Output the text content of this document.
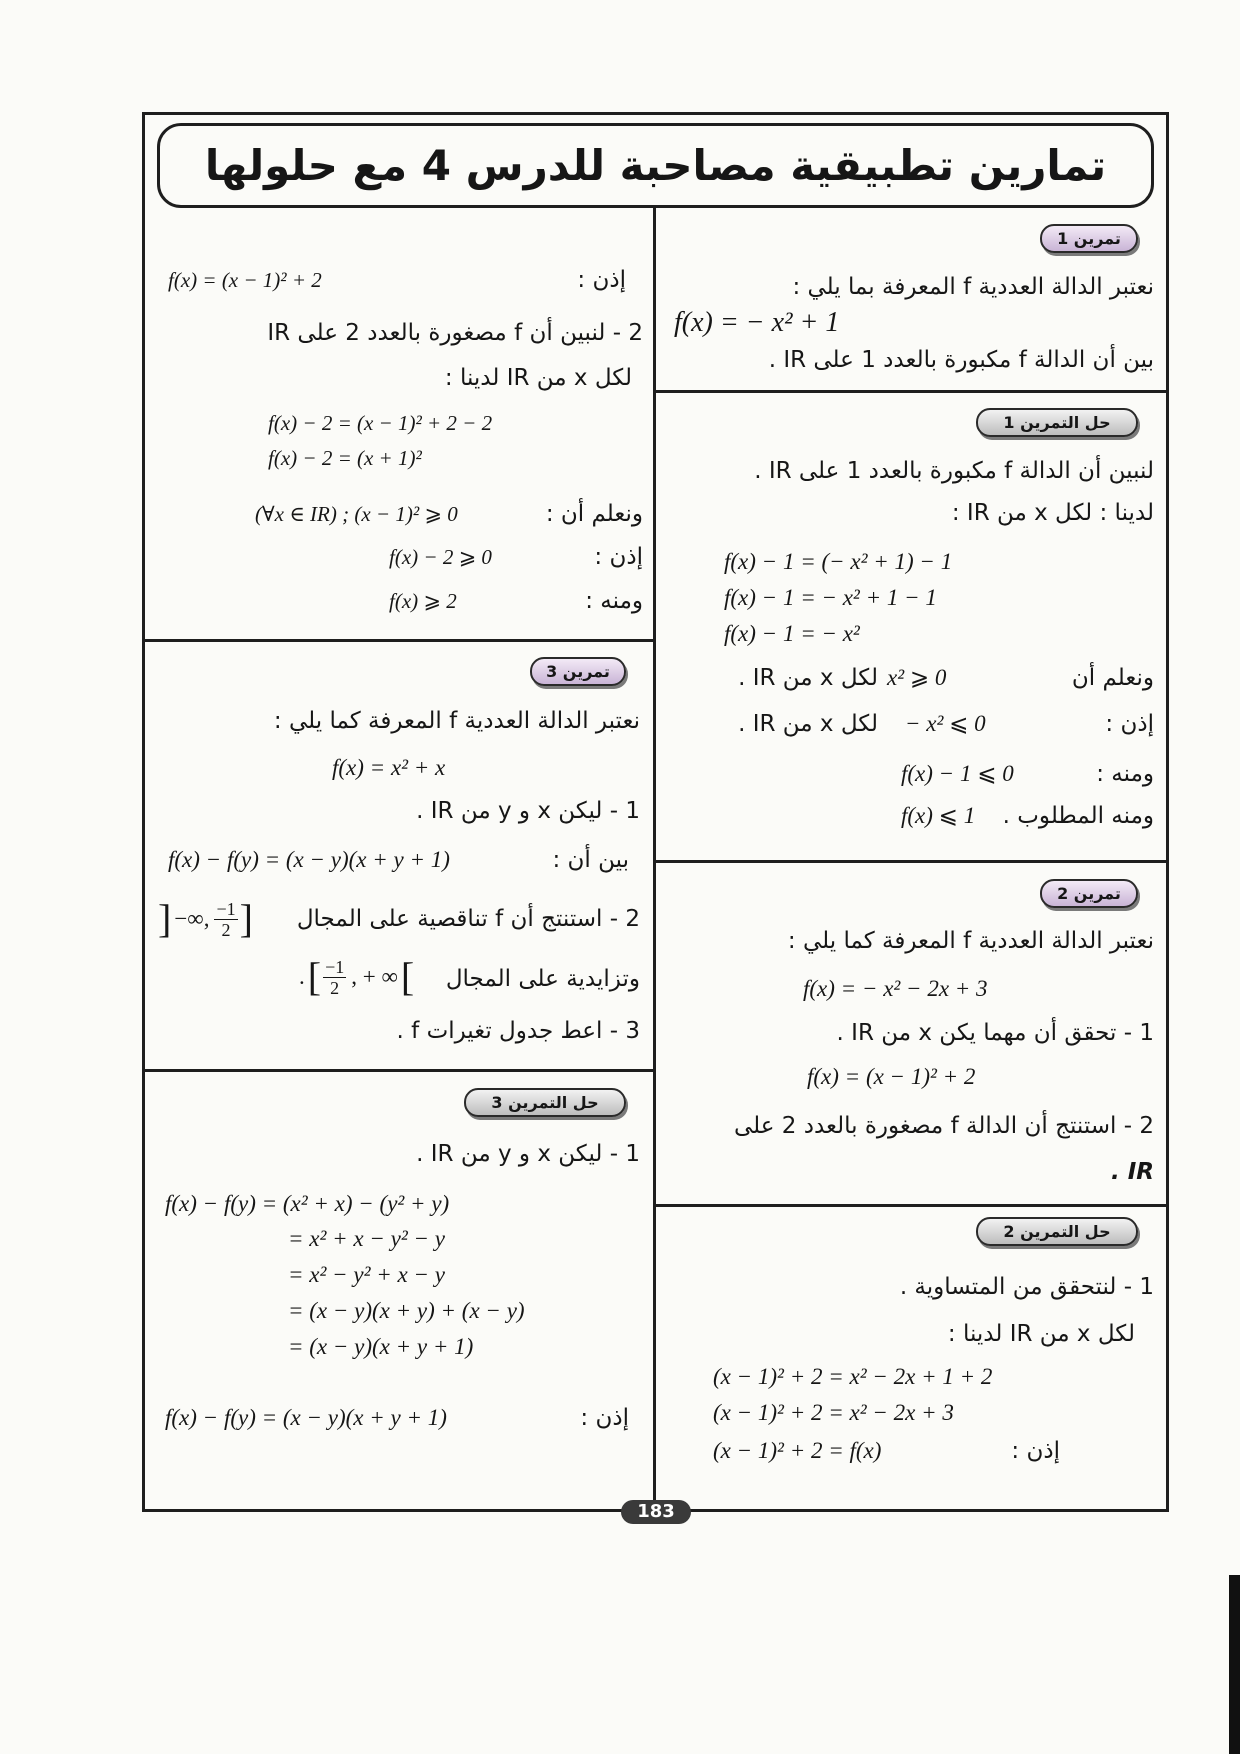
تمارين تطبيقية مصاحبة للدرس 4 مع حلولها
تمرين 1
نعتبر الدالة العددية f المعرفة بما يلي :
f(x) = − x² + 1
بين أن الدالة f مكبورة بالعدد 1 على IR .
حل التمرين 1
لنبين أن الدالة f مكبورة بالعدد 1 على IR .
لدينا : لكل x من IR :
f(x) − 1 = (− x² + 1) − 1
f(x) − 1 = − x² + 1 − 1
f(x) − 1 = − x²
ونعلم أن
x² ⩾ 0
لكل x من IR .
إذن :
− x² ⩽ 0
لكل x من IR .
ومنه :
f(x) − 1 ⩽ 0
ومنه المطلوب .
f(x) ⩽ 1
تمرين 2
نعتبر الدالة العددية f المعرفة كما يلي :
f(x) = − x² − 2x + 3
1 - تحقق أن مهما يكن x من IR .
f(x) = (x − 1)² + 2
2 - استنتج أن الدالة f مصغورة بالعدد 2 على
IR .
حل التمرين 2
1 - لنتحقق من المتساوية .
لكل x من IR لدينا :
(x − 1)² + 2 = x² − 2x + 1 + 2
(x − 1)² + 2 = x² − 2x + 3
(x − 1)² + 2 = f(x)	إذن :
إذن :
f(x) = (x − 1)² + 2
2 - لنبين أن f مصغورة بالعدد 2 على IR
لكل x من IR لدينا :
f(x) − 2 = (x − 1)² + 2 − 2
f(x) − 2 = (x + 1)²
ونعلم أن :
(∀x ∈ IR) ; (x − 1)² ⩾ 0
إذن :
f(x) − 2 ⩾ 0
ومنه :
f(x) ⩾ 2
تمرين 3
نعتبر الدالة العددية f المعرفة كما يلي :
f(x) = x² + x
1 - ليكن x و y من IR .
بين أن :
f(x) − f(y) = (x − y)(x + y + 1)
2 - استنتج أن f تناقصية على المجال
] −∞, $\frac{-1}{2}$ ]
وتزايدية على المجال
. [ $\frac{-1}{2}$ , + ∞ [
3 - اعط جدول تغيرات f .
حل التمرين 3
1 - ليكن x و y من IR .
f(x) − f(y) = (x² + x) − (y² + y)
= x² + x − y² − y
= x² − y² + x − y
= (x − y)(x + y) + (x − y)
= (x − y)(x + y + 1)
إذن :
f(x) − f(y) = (x − y)(x + y + 1)
183
